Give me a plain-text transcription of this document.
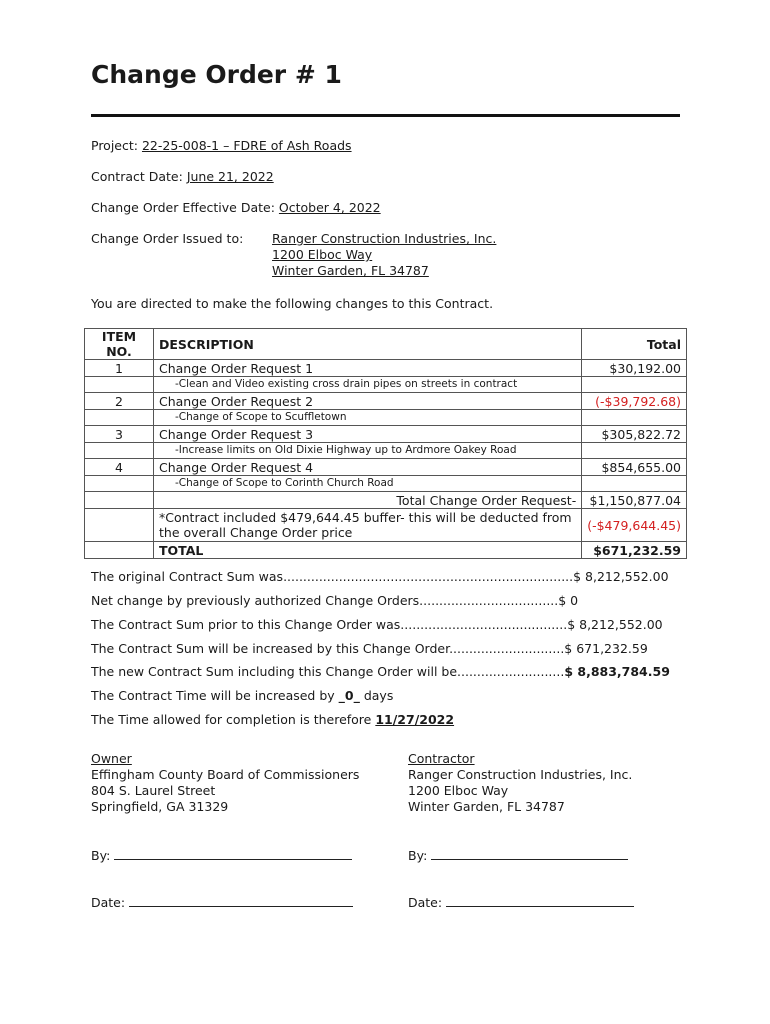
Change Order # 1
Project: 22-25-008-1 – FDRE of Ash Roads
Contract Date: June 21, 2022
Change Order Effective Date: October 4, 2022
Change Order Issued to: Ranger Construction Industries, Inc.
1200 Elboc Way
Winter Garden, FL 34787
You are directed to make the following changes to this Contract.
ITEM NO.	DESCRIPTION	Total
1	Change Order Request 1	$30,192.00
	-Clean and Video existing cross drain pipes on streets in contract	
2	Change Order Request 2	(-$39,792.68)
	-Change of Scope to Scuffletown	
3	Change Order Request 3	$305,822.72
	-Increase limits on Old Dixie Highway up to Ardmore Oakey Road	
4	Change Order Request 4	$854,655.00
	-Change of Scope to Corinth Church Road	
	Total Change Order Request-	$1,150,877.04
	*Contract included $479,644.45 buffer- this will be deducted from the overall Change Order price	(-$479,644.45)
	TOTAL	$671,232.59
The original Contract Sum was.........................................................................$ 8,212,552.00
Net change by previously authorized Change Orders...................................$ 0
The Contract Sum prior to this Change Order was..........................................$ 8,212,552.00
The Contract Sum will be increased by this Change Order.............................$ 671,232.59
The new Contract Sum including this Change Order will be...........................$ 8,883,784.59
The Contract Time will be increased by _0_ days
The Time allowed for completion is therefore 11/27/2022
Owner
Effingham County Board of Commissioners
804 S. Laurel Street
Springfield, GA 31329
Contractor
Ranger Construction Industries, Inc.
1200 Elboc Way
Winter Garden, FL 34787
By:	By:
Date:	Date:
